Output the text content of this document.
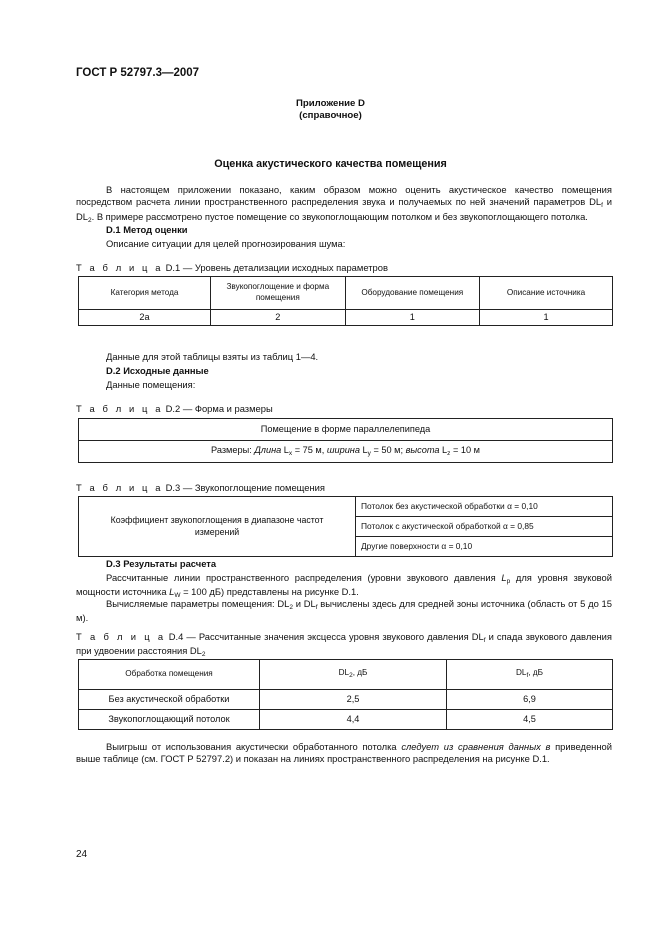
ГОСТ Р 52797.3—2007
Приложение D
(справочное)
Оценка акустического качества помещения
В настоящем приложении показано, каким образом можно оценить акустическое качество помещения посредством расчета линии пространственного распределения звука и получаемых по ней значений параметров $DL_f$ и $DL_2$. В примере рассмотрено пустое помещение со звукопоглощающим потолком и без звукопоглощающего потолка.
D.1 Метод оценки
Описание ситуации для целей прогнозирования шума:
Т а б л и ц а D.1 — Уровень детализации исходных параметров
Категория метода	Звукопоглощение и форма помещения	Оборудование помещения	Описание источника
2а	2	1	1
Данные для этой таблицы взяты из таблиц 1—4.
D.2 Исходные данные
Данные помещения:
Т а б л и ц а D.2 — Форма и размеры
Помещение в форме параллелепипеда
Размеры: Длина $L_x = 75$ м, ширина $L_y = 50$ м; высота $L_z = 10$ м
Т а б л и ц а D.3 — Звукопоглощение помещения
Коэффициент звукопоглощения в диапазоне частот измерений	Потолок без акустической обработки α = 0,10
Потолок с акустической обработкой α = 0,85
Другие поверхности α = 0,10
D.3 Результаты расчета
Рассчитанные линии пространственного распределения (уровни звукового давления $L_p$ для уровня звуковой мощности источника $L_W = 100$ дБ) представлены на рисунке D.1.
Вычисляемые параметры помещения: $DL_2$ и $DL_f$ вычислены здесь для средней зоны источника (область от 5 до 15 м).
Т а б л и ц а D.4 — Рассчитанные значения эксцесса уровня звукового давления $DL_f$ и спада звукового давления при удвоении расстояния $DL_2$
Обработка помещения	$DL_2$, дБ	$DL_f$, дБ
Без акустической обработки	2,5	6,9
Звукопоглощающий потолок	4,4	4,5
Выигрыш от использования акустически обработанного потолка следует из сравнения данных в приведенной выше таблице (см. ГОСТ Р 52797.2) и показан на линиях пространственного распределения на рисунке D.1.
24
